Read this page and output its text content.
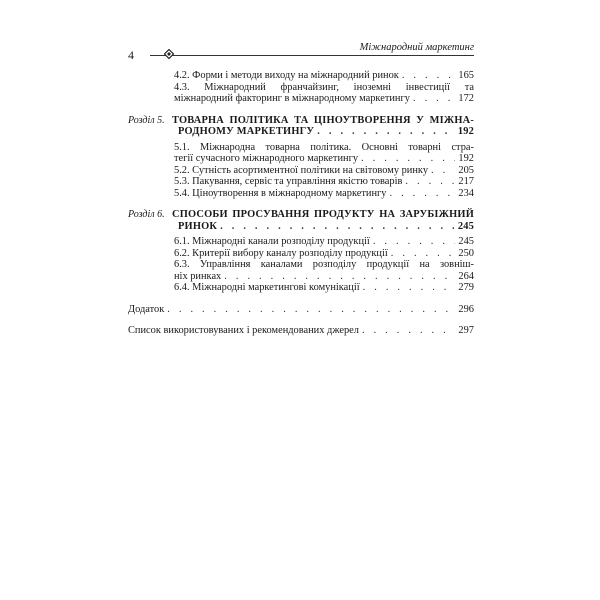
4
Міжнародний маркетинг
4.2. Форми і методи виходу на міжнародний ринок . . .	165
4.3. Міжнародний франчайзинг, іноземні інвестиції та
міжнародний факторинг в міжнародному маркетингу . . .	172
Розділ 5. ТОВАРНА ПОЛІТИКА ТА ЦІНОУТВОРЕННЯ У МІЖНА-
РОДНОМУ МАРКЕТИНГУ . . .	192
5.1. Міжнародна товарна політика. Основні товарні стра-
тегії сучасного міжнародного маркетингу . . .	192
5.2. Сутність асортиментної політики на світовому ринку . . .	205
5.3. Пакування, сервіс та управління якістю товарів . . .	217
5.4. Ціноутворення в міжнародному маркетингу . . .	234
Розділ 6. СПОСОБИ ПРОСУВАННЯ ПРОДУКТУ НА ЗАРУБІЖНИЙ
РИНОК . . .	245
6.1. Міжнародні канали розподілу продукції . . .	245
6.2. Критерії вибору каналу розподілу продукції . . .	250
6.3. Управління каналами розподілу продукції на зовніш-
ніх ринках . . .	264
6.4. Міжнародні маркетингові комунікації . . .	279
Додаток . . .	296
Список використовуваних і рекомендованих джерел . . .	297
